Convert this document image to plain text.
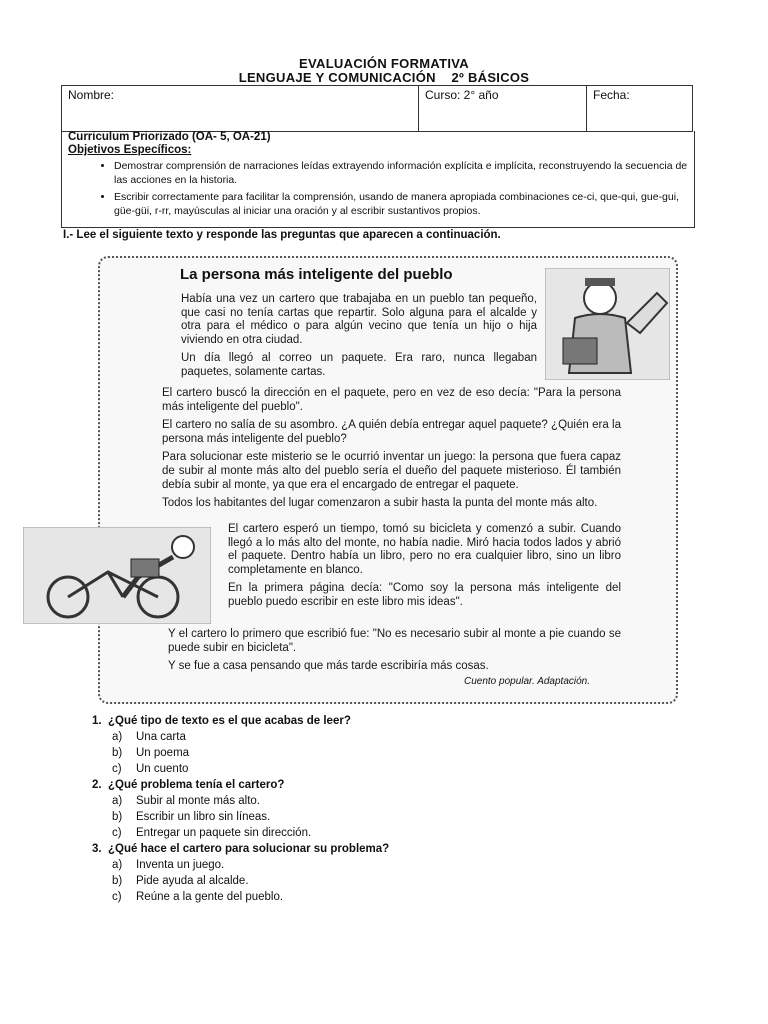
EVALUACIÓN FORMATIVA
LENGUAJE Y COMUNICACIÓN    2º BÁSICOS
Nombre:	Curso: 2° año	Fecha:
Curriculum Priorizado (OA- 5, OA-21)
Objetivos Específicos:
• Demostrar comprensión de narraciones leídas extrayendo información explícita e implícita, reconstruyendo la secuencia de las acciones en la historia.
• Escribir correctamente para facilitar la comprensión, usando de manera apropiada combinaciones ce-ci, que-qui, gue-gui, güe-güi, r-rr, mayúsculas al iniciar una oración y al escribir sustantivos propios.
I.- Lee el siguiente texto y responde las preguntas que aparecen a continuación.
La persona más inteligente del pueblo

Había una vez un cartero que trabajaba en un pueblo tan pequeño, que casi no tenía cartas que repartir. Solo alguna para el alcalde y otra para el médico o para algún vecino que tenía un hijo o hija viviendo en otra ciudad.

Un día llegó al correo un paquete. Era raro, nunca llegaban paquetes, solamente cartas.

El cartero buscó la dirección en el paquete, pero en vez de eso decía: "Para la persona más inteligente del pueblo".

El cartero no salía de su asombro. ¿A quién debía entregar aquel paquete? ¿Quién era la persona más inteligente del pueblo?

Para solucionar este misterio se le ocurrió inventar un juego: la persona que fuera capaz de subir al monte más alto del pueblo sería el dueño del paquete misterioso. Él también debía subir al monte, ya que era el encargado de entregar el paquete.

Todos los habitantes del lugar comenzaron a subir hasta la punta del monte más alto.

El cartero esperó un tiempo, tomó su bicicleta y comenzó a subir. Cuando llegó a lo más alto del monte, no había nadie. Miró hacia todos lados y abrió el paquete. Dentro había un libro, pero no era cualquier libro, sino un libro completamente en blanco.

En la primera página decía: "Como soy la persona más inteligente del pueblo puedo escribir en este libro mis ideas".

Y el cartero lo primero que escribió fue: "No es necesario subir al monte a pie cuando se puede subir en bicicleta".

Y se fue a casa pensando que más tarde escribiría más cosas.

Cuento popular. Adaptación.
1. ¿Qué tipo de texto es el que acabas de leer?
a) Una carta
b) Un poema
c) Un cuento
2. ¿Qué problema tenía el cartero?
a) Subir al monte más alto.
b) Escribir un libro sin líneas.
c) Entregar un paquete sin dirección.
3. ¿Qué hace el cartero para solucionar su problema?
a) Inventa un juego.
b) Pide ayuda al alcalde.
c) Reúne a la gente del pueblo.
